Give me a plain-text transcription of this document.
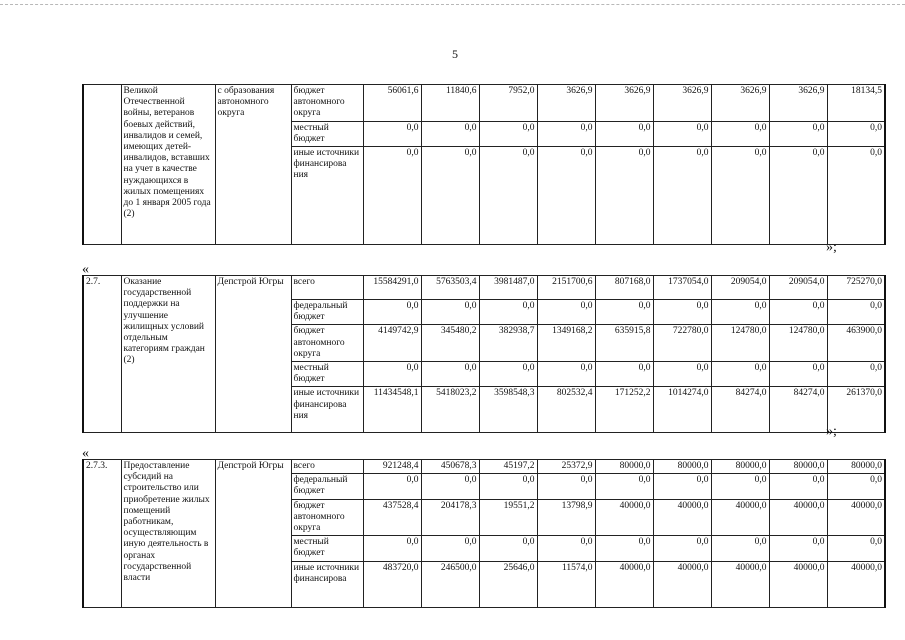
5
	Великой Отечественной войны, ветеранов боевых действий, инвалидов и семей, имеющих детей-инвалидов, вставших на учет в качестве нуждающихся в жилых помещениях до 1 января 2005 года (2)	с образования автономного округа	бюджет автономного округа	56061,6	11840,6	7952,0	3626,9	3626,9	3626,9	3626,9	3626,9	18134,5
			местный бюджет	0,0	0,0	0,0	0,0	0,0	0,0	0,0	0,0	0,0
			иные источники финансирова ния	0,0	0,0	0,0	0,0	0,0	0,0	0,0	0,0	0,0
»;
«
2.7.	Оказание государственной поддержки на улучшение жилищных условий отдельным категориям граждан (2)	Депстрой Югры	всего	15584291,0	5763503,4	3981487,0	2151700,6	807168,0	1737054,0	209054,0	209054,0	725270,0
			федеральный бюджет	0,0	0,0	0,0	0,0	0,0	0,0	0,0	0,0	0,0
			бюджет автономного округа	4149742,9	345480,2	382938,7	1349168,2	635915,8	722780,0	124780,0	124780,0	463900,0
			местный бюджет	0,0	0,0	0,0	0,0	0,0	0,0	0,0	0,0	0,0
			иные источники финансирова ния	11434548,1	5418023,2	3598548,3	802532,4	171252,2	1014274,0	84274,0	84274,0	261370,0
»;
«
2.7.3.	Предоставление субсидий на строительство или приобретение жилых помещений работникам, осуществляющим иную деятельность в органах государственной власти	Депстрой Югры	всего	921248,4	450678,3	45197,2	25372,9	80000,0	80000,0	80000,0	80000,0	80000,0
			федеральный бюджет	0,0	0,0	0,0	0,0	0,0	0,0	0,0	0,0	0,0
			бюджет автономного округа	437528,4	204178,3	19551,2	13798,9	40000,0	40000,0	40000,0	40000,0	40000,0
			местный бюджет	0,0	0,0	0,0	0,0	0,0	0,0	0,0	0,0	0,0
			иные источники финансирова	483720,0	246500,0	25646,0	11574,0	40000,0	40000,0	40000,0	40000,0	40000,0
